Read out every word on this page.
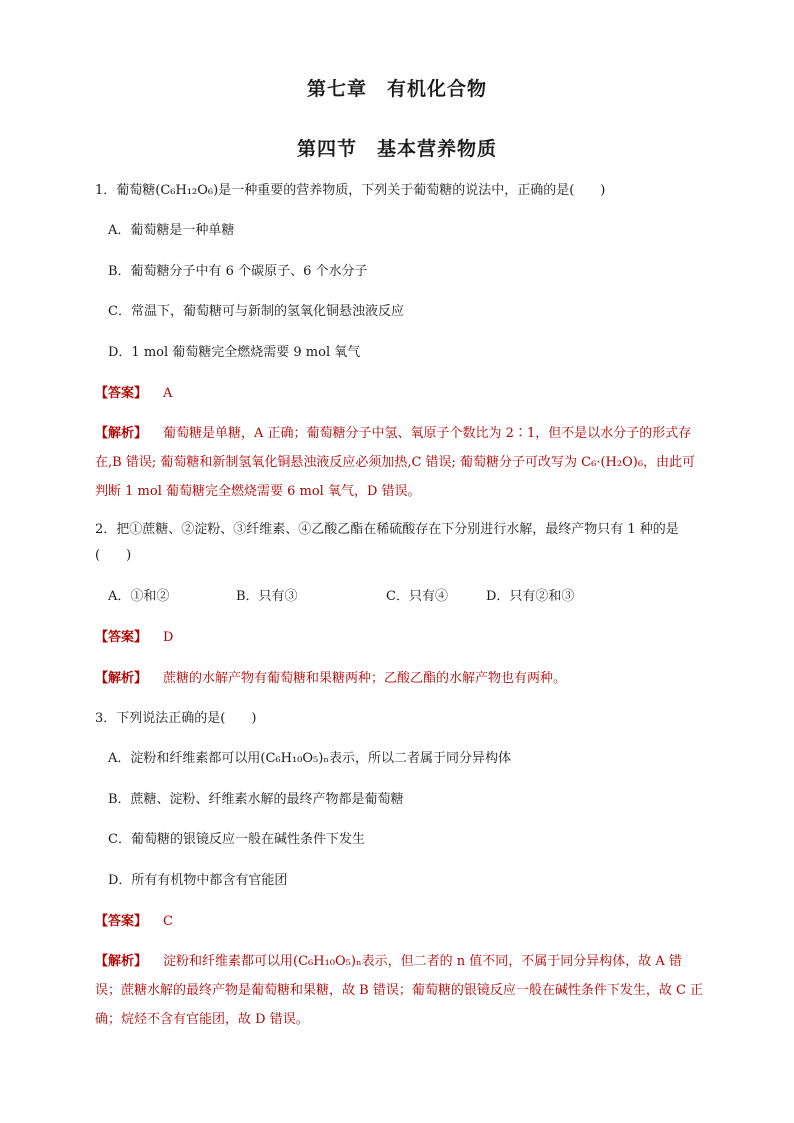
第七章　有机化合物
第四节　基本营养物质
1．葡萄糖(C₆H₁₂O₆)是一种重要的营养物质，下列关于葡萄糖的说法中，正确的是(　　)
A．葡萄糖是一种单糖
B．葡萄糖分子中有 6 个碳原子、6 个水分子
C．常温下，葡萄糖可与新制的氢氧化铜悬浊液反应
D．1 mol 葡萄糖完全燃烧需要 9 mol 氧气
【答案】 A
【解析】 葡萄糖是单糖，A 正确；葡萄糖分子中氢、氧原子个数比为 2∶1，但不是以水分子的形式存在,B 错误; 葡萄糖和新制氢氧化铜悬浊液反应必须加热,C 错误; 葡萄糖分子可改写为 C₆·(H₂O)₆，由此可判断 1 mol 葡萄糖完全燃烧需要 6 mol 氧气，D 错误。
2．把①蔗糖、②淀粉、③纤维素、④乙酸乙酯在稀硫酸存在下分别进行水解，最终产物只有 1 种的是(　　)
A．①和②	B．只有③	C．只有④	D．只有②和③
【答案】 D
【解析】 蔗糖的水解产物有葡萄糖和果糖两种；乙酸乙酯的水解产物也有两种。
3．下列说法正确的是(　　)
A．淀粉和纤维素都可以用(C₆H₁₀O₅)ₙ表示，所以二者属于同分异构体
B．蔗糖、淀粉、纤维素水解的最终产物都是葡萄糖
C．葡萄糖的银镜反应一般在碱性条件下发生
D．所有有机物中都含有官能团
【答案】 C
【解析】 淀粉和纤维素都可以用(C₆H₁₀O₅)ₙ表示，但二者的 n 值不同，不属于同分异构体，故 A 错误；蔗糖水解的最终产物是葡萄糖和果糖，故 B 错误；葡萄糖的银镜反应一般在碱性条件下发生，故 C 正确；烷烃不含有官能团，故 D 错误。
